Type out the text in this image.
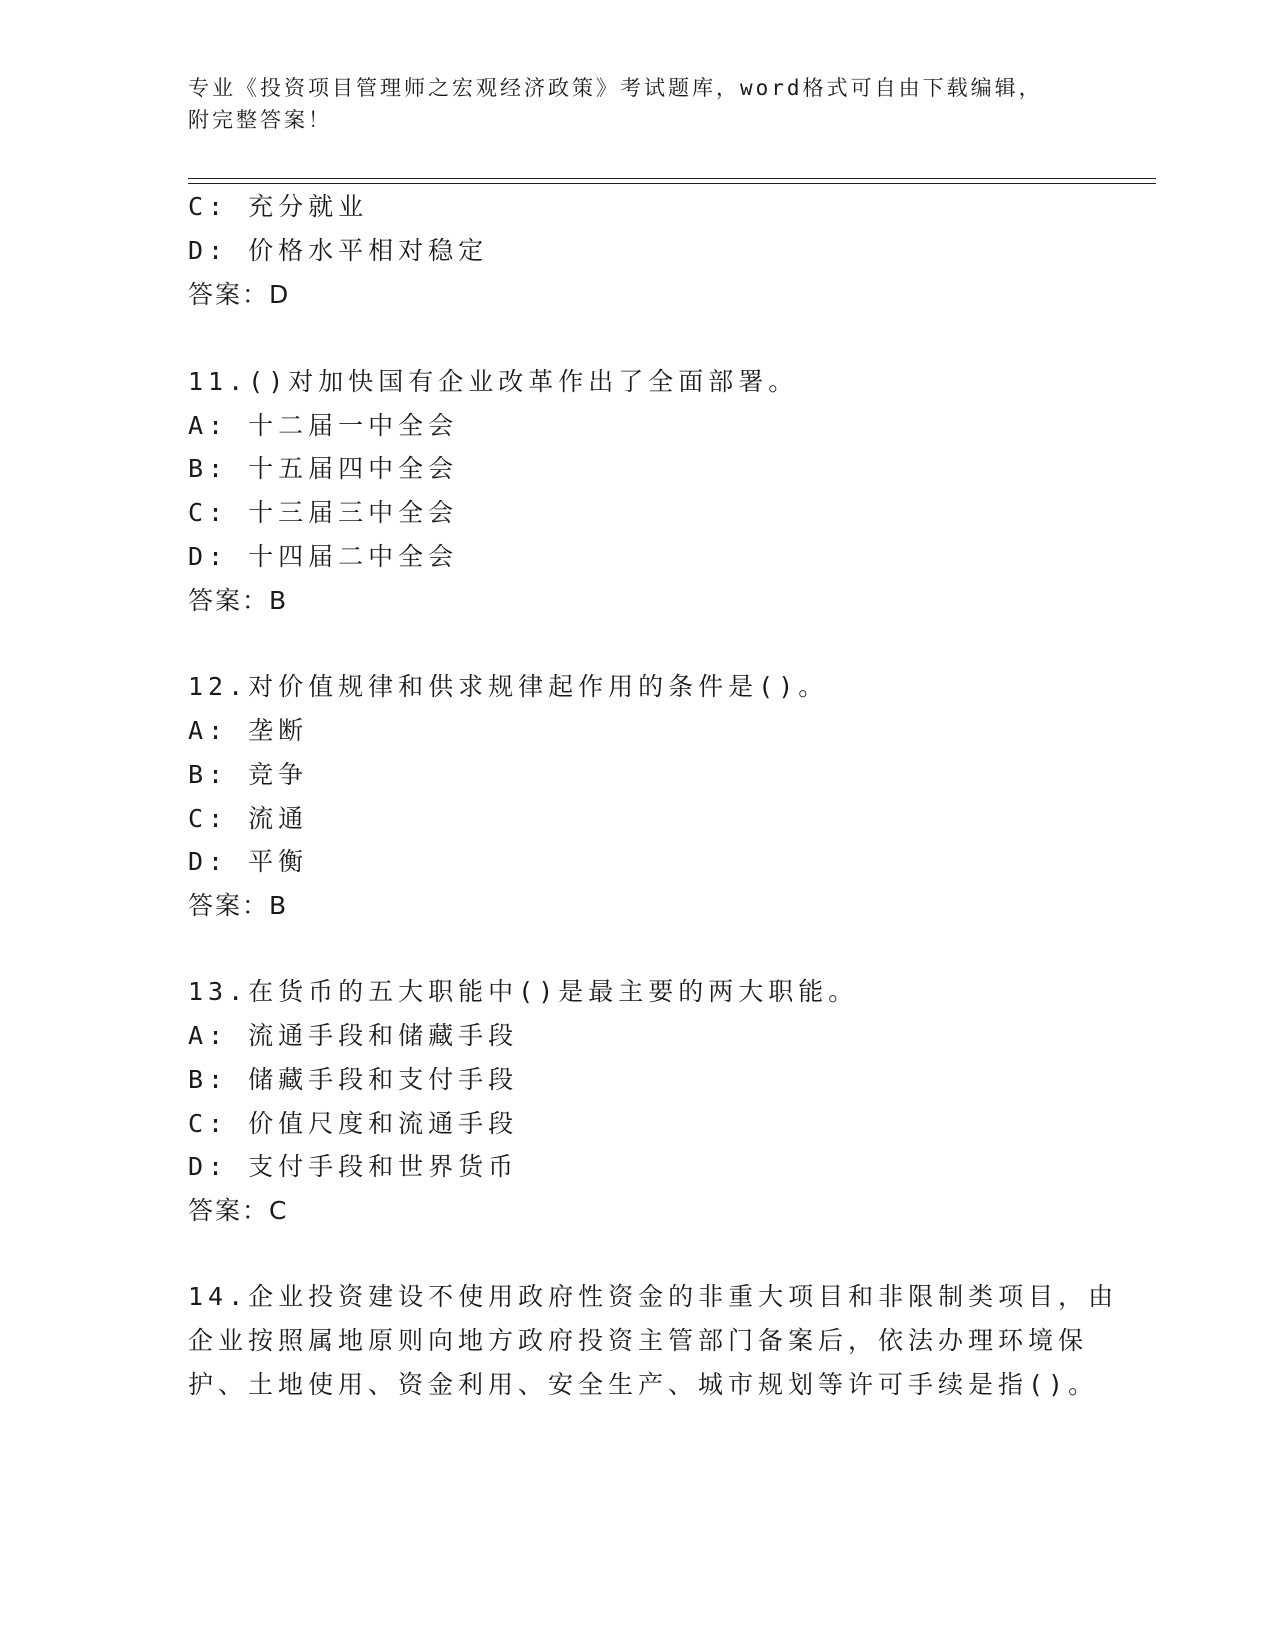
专业《投资项目管理师之宏观经济政策》考试题库，word格式可自由下载编辑，
附完整答案！
C: 充分就业
D: 价格水平相对稳定
答案：D
11.()对加快国有企业改革作出了全面部署。
A: 十二届一中全会
B: 十五届四中全会
C: 十三届三中全会
D: 十四届二中全会
答案：B
12.对价值规律和供求规律起作用的条件是()。
A: 垄断
B: 竞争
C: 流通
D: 平衡
答案：B
13.在货币的五大职能中()是最主要的两大职能。
A: 流通手段和储藏手段
B: 储藏手段和支付手段
C: 价值尺度和流通手段
D: 支付手段和世界货币
答案：C
14.企业投资建设不使用政府性资金的非重大项目和非限制类项目，由
企业按照属地原则向地方政府投资主管部门备案后，依法办理环境保
护、土地使用、资金利用、安全生产、城市规划等许可手续是指()。
